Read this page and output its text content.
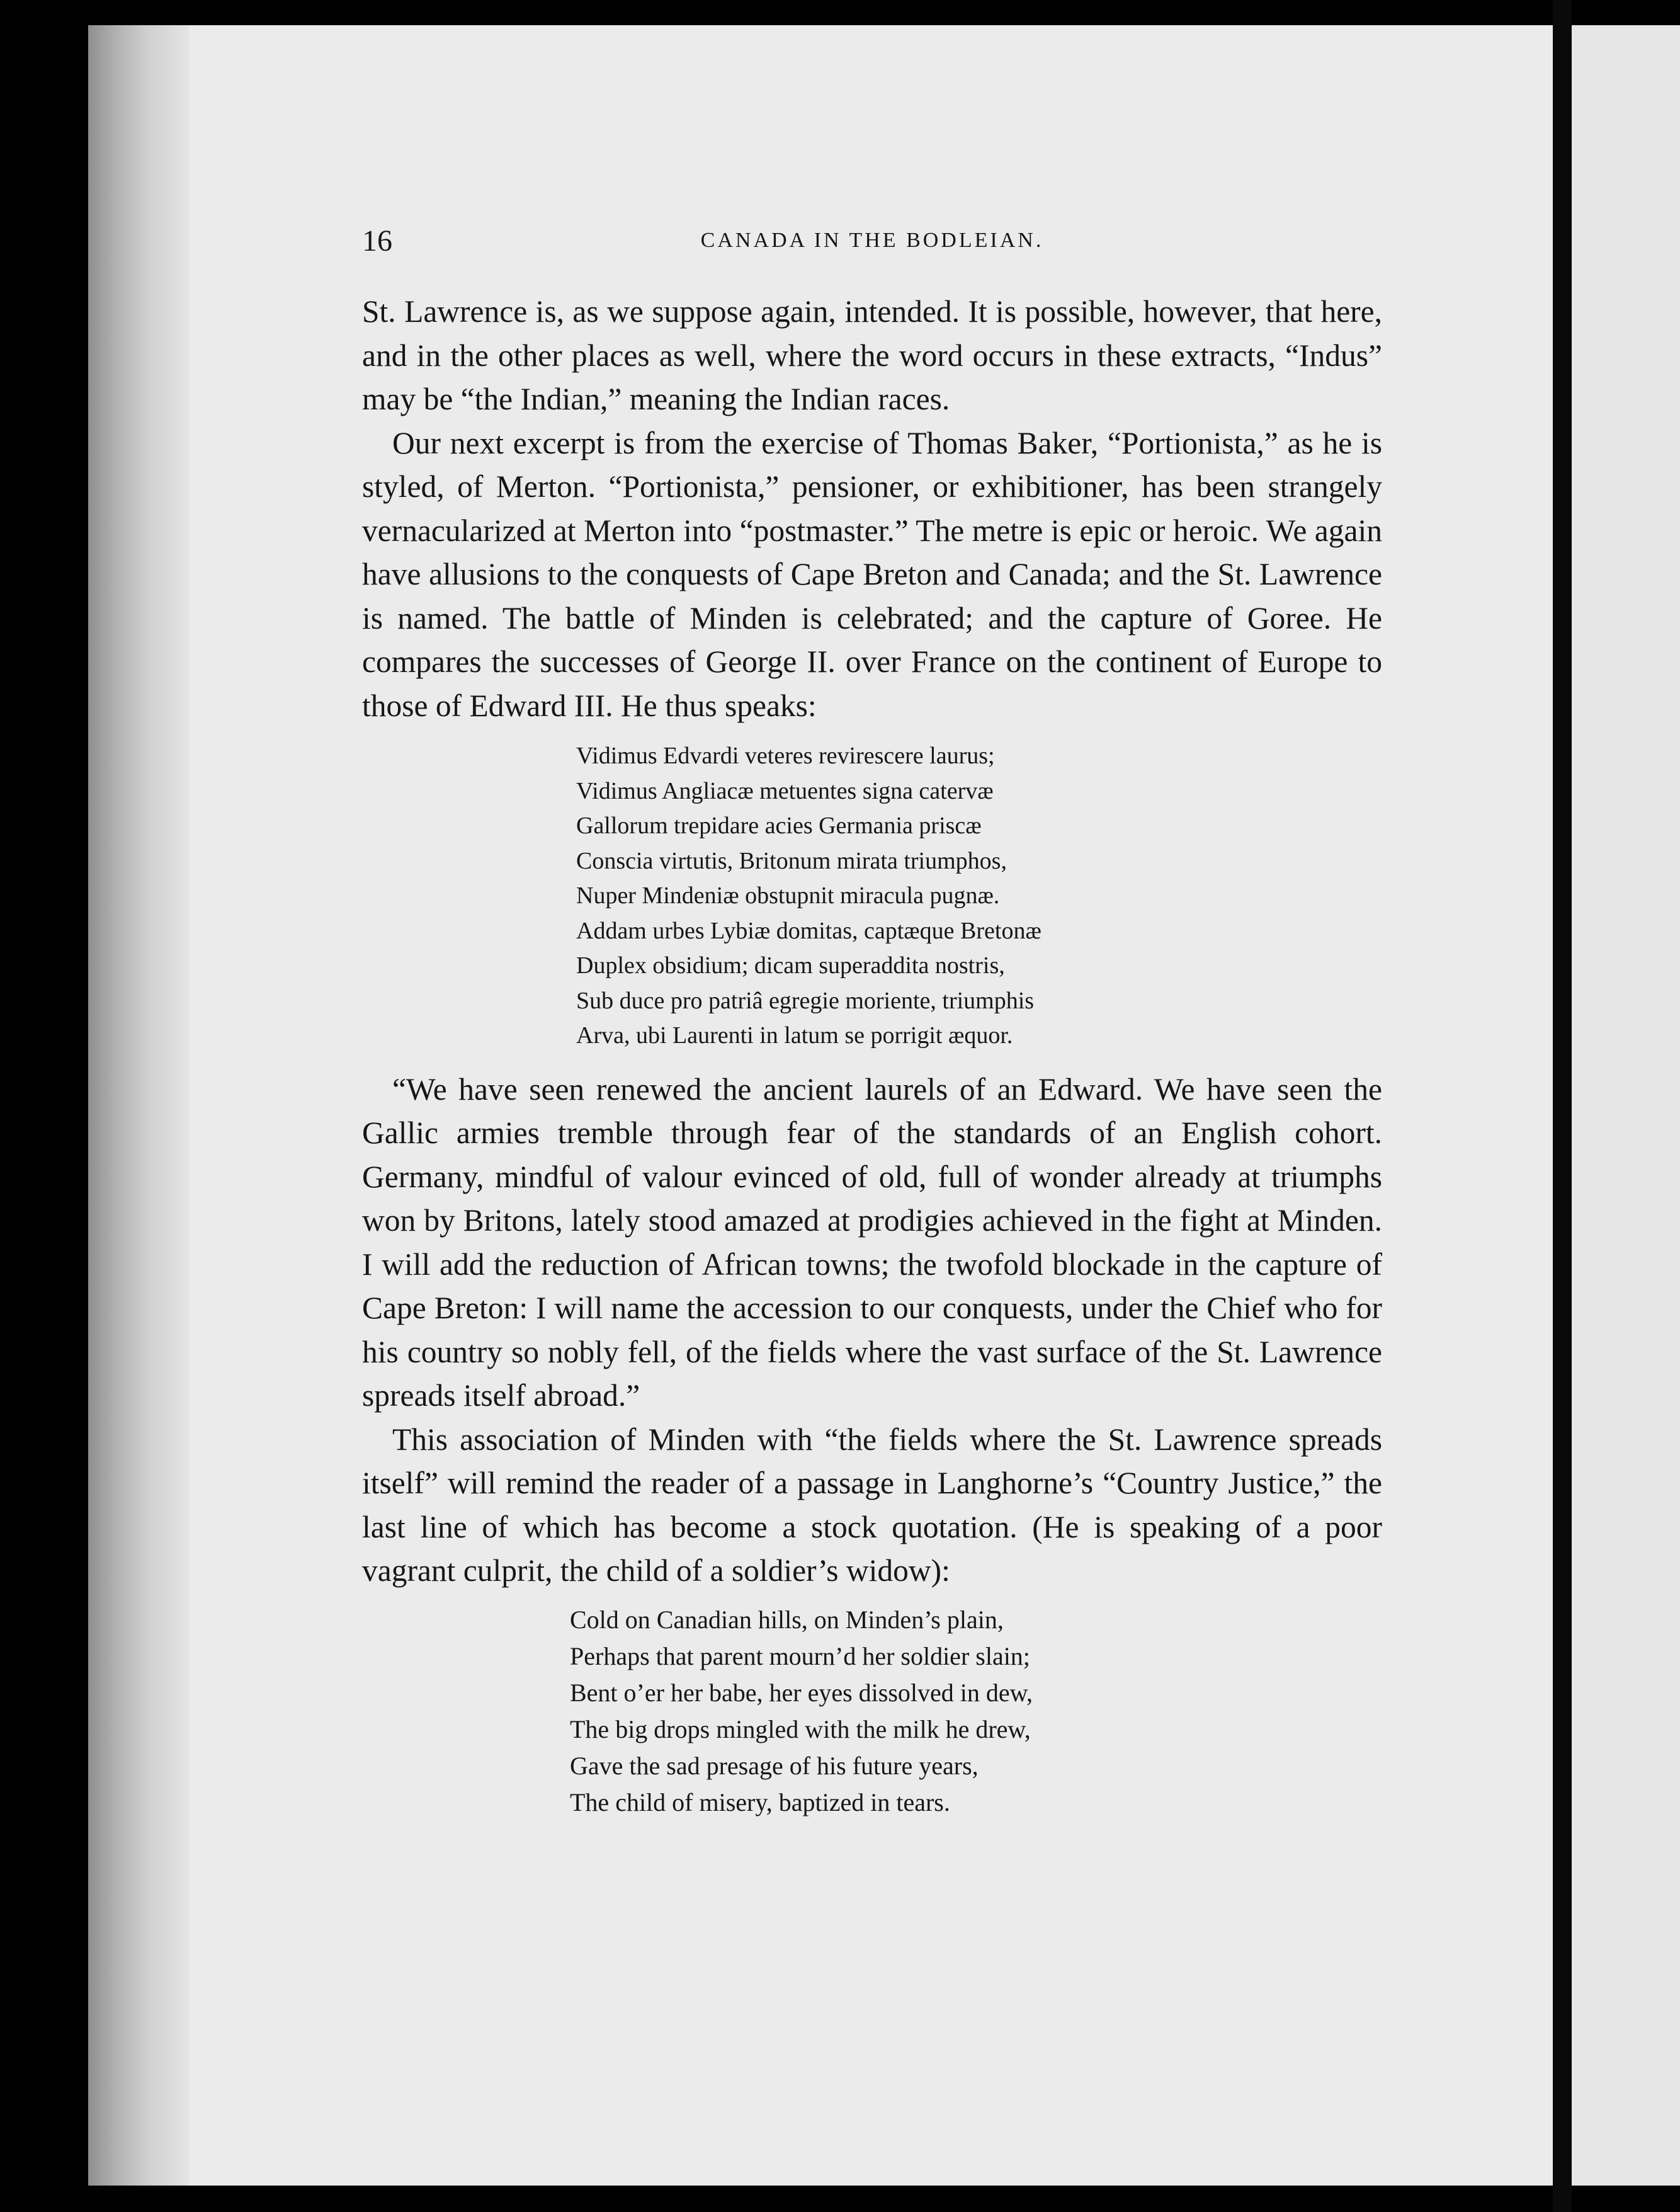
16	CANADA IN THE BODLEIAN.

St. Lawrence is, as we suppose again, intended. It is possible, however, that here, and in the other places as well, where the word occurs in these extracts, “Indus” may be “the Indian,” meaning the Indian races.

Our next excerpt is from the exercise of Thomas Baker, “Portionista,” as he is styled, of Merton. “Portionista,” pensioner, or exhibitioner, has been strangely vernacularized at Merton into “postmaster.” The metre is epic or heroic. We again have allusions to the conquests of Cape Breton and Canada; and the St. Lawrence is named. The battle of Minden is celebrated; and the capture of Goree. He compares the successes of George II. over France on the continent of Europe to those of Edward III. He thus speaks:

Vidimus Edvardi veteres revirescere laurus;
Vidimus Angliacæ metuentes signa catervæ
Gallorum trepidare acies Germania priscæ
Conscia virtutis, Britonum mirata triumphos,
Nuper Mindeniæ obstupnit miracula pugnæ.
Addam urbes Lybiæ domitas, captæque Bretonæ
Duplex obsidium; dicam superaddita nostris,
Sub duce pro patriâ egregie moriente, triumphis
Arva, ubi Laurenti in latum se porrigit æquor.

“We have seen renewed the ancient laurels of an Edward. We have seen the Gallic armies tremble through fear of the standards of an English cohort. Germany, mindful of valour evinced of old, full of wonder already at triumphs won by Britons, lately stood amazed at prodigies achieved in the fight at Minden. I will add the reduction of African towns; the twofold blockade in the capture of Cape Breton: I will name the accession to our conquests, under the Chief who for his country so nobly fell, of the fields where the vast surface of the St. Lawrence spreads itself abroad.”

This association of Minden with “the fields where the St. Lawrence spreads itself” will remind the reader of a passage in Langhorne’s “Country Justice,” the last line of which has become a stock quotation. (He is speaking of a poor vagrant culprit, the child of a soldier’s widow):

Cold on Canadian hills, on Minden’s plain,
Perhaps that parent mourn’d her soldier slain;
Bent o’er her babe, her eyes dissolved in dew,
The big drops mingled with the milk he drew,
Gave the sad presage of his future years,
The child of misery, baptized in tears.
